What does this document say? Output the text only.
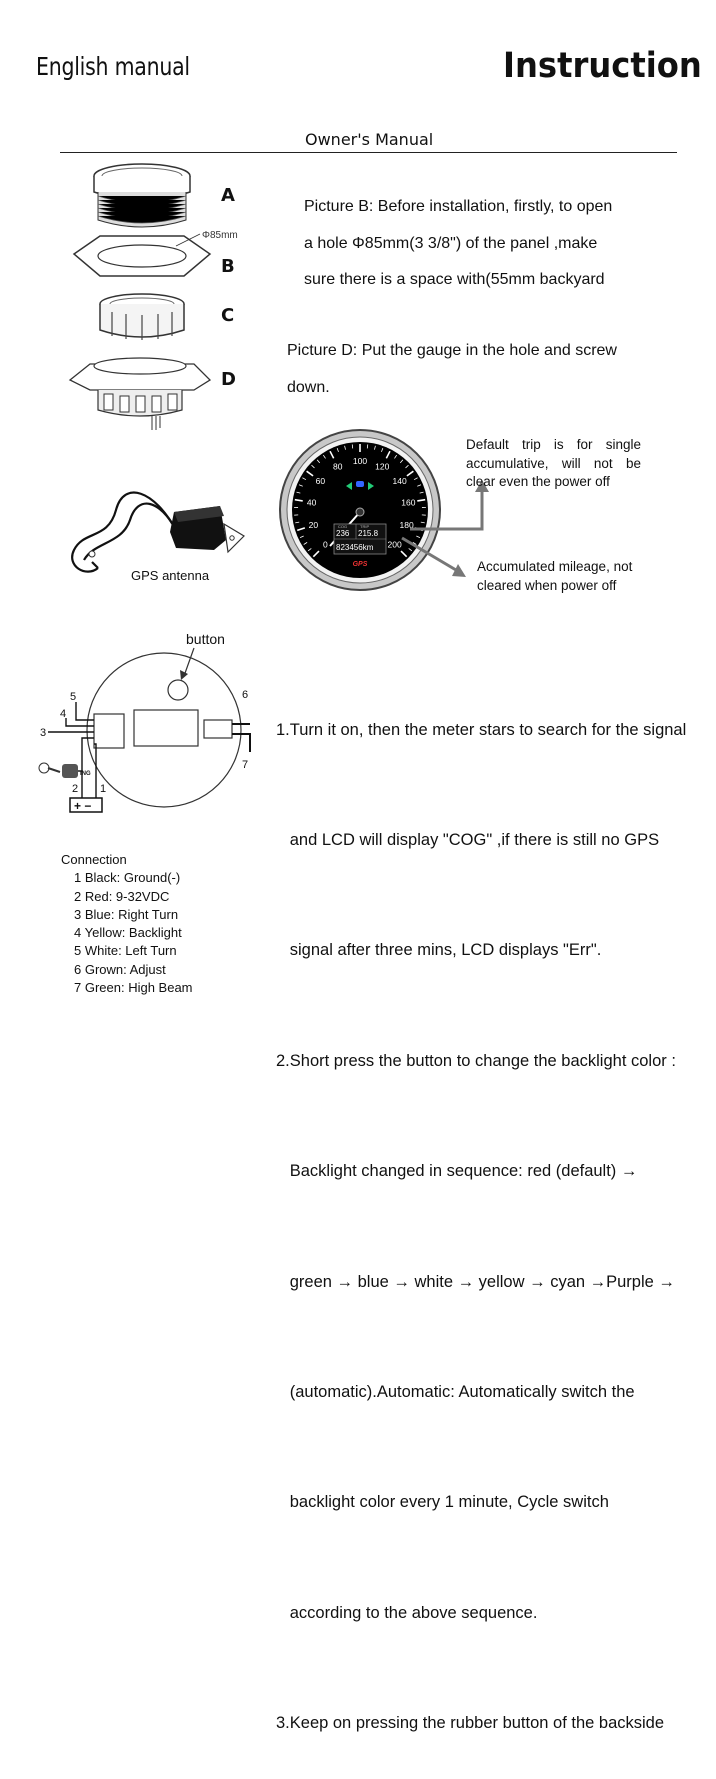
English manual	Instruction
Owner's Manual
Φ85mm
A
B
C
D
Picture B: Before installation, firstly, to open
a hole Φ85mm(3 3/8") of the panel ,make
sure there is a space with(55mm backyard
Picture D: Put the gauge in the hole and screw
down.
GPS antenna
0
20
40
60
80
100
120
140
160
180
200
COG	TRIP
236 215.8
823456km
GPS
Default trip is for single
accumulative, will not be
clear even the power off
Accumulated mileage, not
cleared when power off
button
5
4
3
2 1
6
7
ING
+ −
Connection
1 Black: Ground(-)
2 Red: 9-32VDC
3 Blue: Right Turn
4 Yellow: Backlight
5 White: Left Turn
6 Grown: Adjust
7 Green: High Beam

1.Turn it on, then the meter stars to search for the signal

and LCD will display "COG" ,if there is still no GPS

signal after three mins, LCD displays "Err".

2.Short press the button to change the backlight color :

Backlight changed in sequence: red (default) →

green → blue → white → yellow → cyan →Purple →

(automatic).Automatic: Automatically switch the

backlight color every 1 minute, Cycle switch

according to the above sequence.

3.Keep on pressing the rubber button of the backside
